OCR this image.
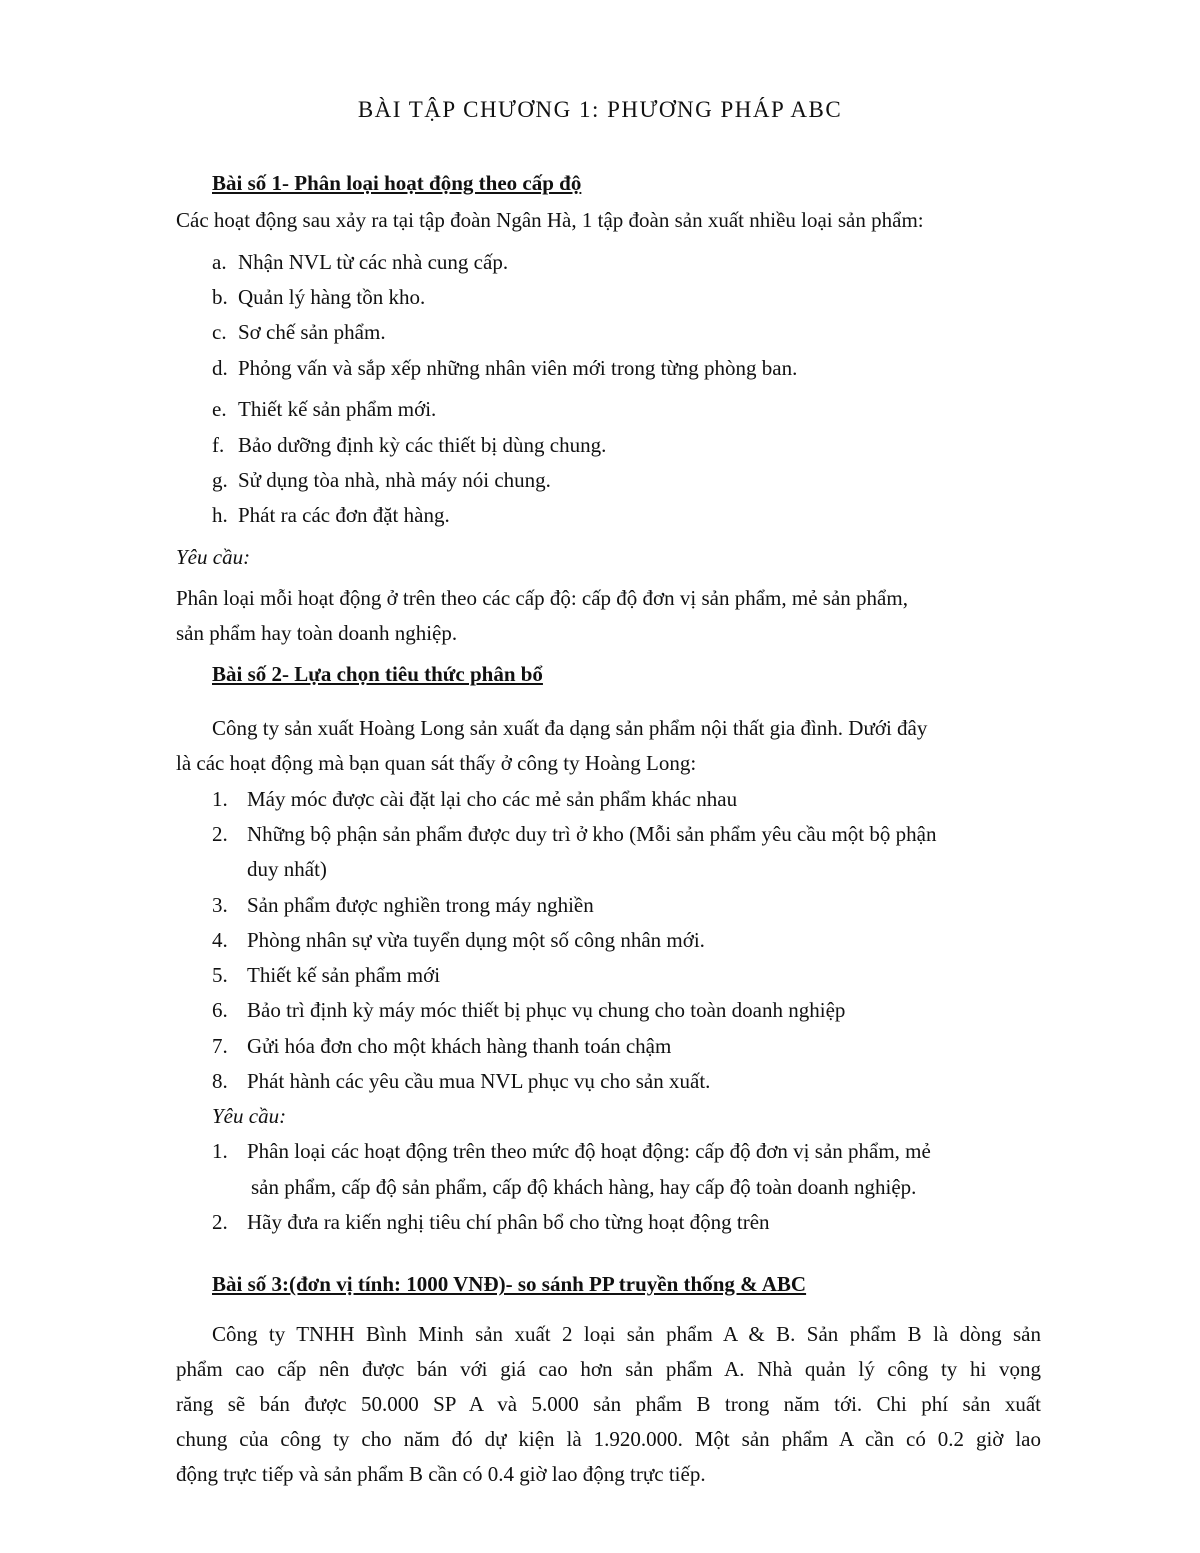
BÀI TẬP CHƯƠNG 1: PHƯƠNG PHÁP ABC
Bài số 1- Phân loại hoạt động theo cấp độ
Các hoạt động sau xảy ra tại tập đoàn Ngân Hà, 1 tập đoàn sản xuất nhiều loại sản phẩm:
a. Nhận NVL từ các nhà cung cấp.
b. Quản lý hàng tồn kho.
c. Sơ chế sản phẩm.
d. Phỏng vấn và sắp xếp những nhân viên mới trong từng phòng ban.
e. Thiết kế sản phẩm mới.
f. Bảo dưỡng định kỳ các thiết bị dùng chung.
g. Sử dụng tòa nhà, nhà máy nói chung.
h. Phát ra các đơn đặt hàng.
Yêu cầu:
Phân loại mỗi hoạt động ở trên theo các cấp độ: cấp độ đơn vị sản phẩm, mẻ sản phẩm,
sản phẩm hay toàn doanh nghiệp.
Bài số 2- Lựa chọn tiêu thức phân bổ
Công ty sản xuất Hoàng Long sản xuất đa dạng sản phẩm nội thất gia đình. Dưới đây
là các hoạt động mà bạn quan sát thấy ở công ty Hoàng Long:
1. Máy móc được cài đặt lại cho các mẻ sản phẩm khác nhau
2. Những bộ phận sản phẩm được duy trì ở kho (Mỗi sản phẩm yêu cầu một bộ phận
duy nhất)
3. Sản phẩm được nghiền trong máy nghiền
4. Phòng nhân sự vừa tuyển dụng một số công nhân mới.
5. Thiết kế sản phẩm mới
6. Bảo trì định kỳ máy móc thiết bị phục vụ chung cho toàn doanh nghiệp
7. Gửi hóa đơn cho một khách hàng thanh toán chậm
8. Phát hành các yêu cầu mua NVL phục vụ cho sản xuất.
Yêu cầu:
1. Phân loại các hoạt động trên theo mức độ hoạt động: cấp độ đơn vị sản phẩm, mẻ
sản phẩm, cấp độ sản phẩm, cấp độ khách hàng, hay cấp độ toàn doanh nghiệp.
2. Hãy đưa ra kiến nghị tiêu chí phân bổ cho từng hoạt động trên
Bài số 3:(đơn vị tính: 1000 VNĐ)- so sánh PP truyền thống & ABC
Công ty TNHH Bình Minh sản xuất 2 loại sản phẩm A & B. Sản phẩm B là dòng sản
phẩm cao cấp nên được bán với giá cao hơn sản phẩm A. Nhà quản lý công ty hi vọng
răng sẽ bán được 50.000 SP A và 5.000 sản phẩm B trong năm tới. Chi phí sản xuất
chung của công ty cho năm đó dự kiện là 1.920.000. Một sản phẩm A cần có 0.2 giờ lao
động trực tiếp và sản phẩm B cần có 0.4 giờ lao động trực tiếp.
